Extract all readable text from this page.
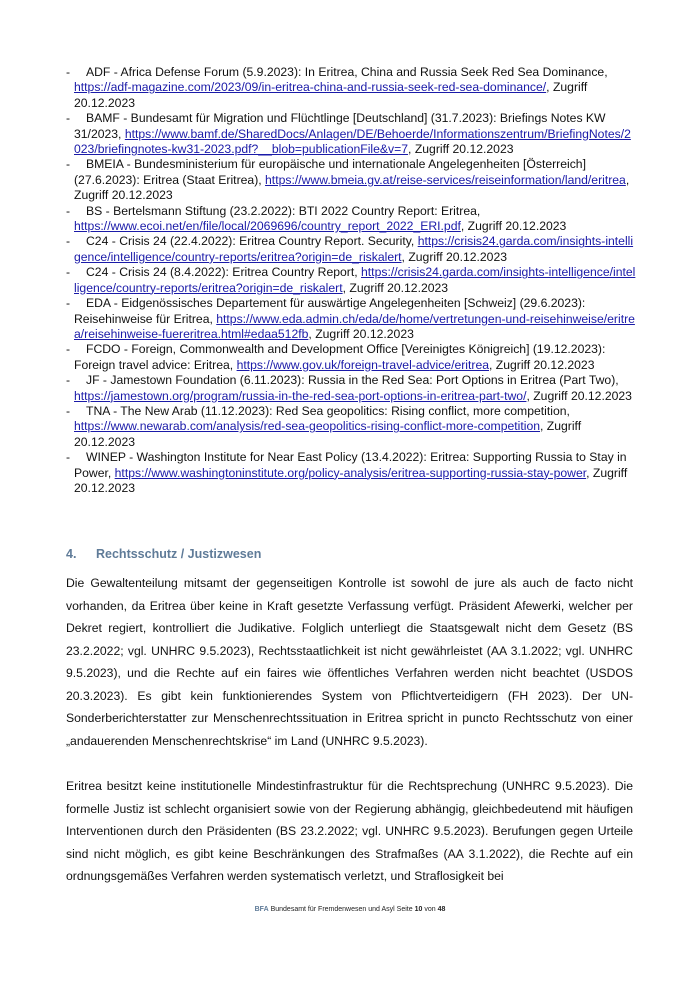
- ADF - Africa Defense Forum (5.9.2023): In Eritrea, China and Russia Seek Red Sea Dominance, https://adf-magazine.com/2023/09/in-eritrea-china-and-russia-seek-red-sea-dominance/, Zugriff 20.12.2023

- BAMF - Bundesamt für Migration und Flüchtlinge [Deutschland] (31.7.2023): Briefings Notes KW 31/2023, https://www.bamf.de/SharedDocs/Anlagen/DE/Behoerde/Informationszentrum/BriefingNotes/2023/briefingnotes-kw31-2023.pdf?__blob=publicationFile&v=7, Zugriff 20.12.2023

- BMEIA - Bundesministerium für europäische und internationale Angelegenheiten [Österreich] (27.6.2023): Eritrea (Staat Eritrea), https://www.bmeia.gv.at/reise-services/reiseinformation/land/eritrea, Zugriff 20.12.2023

- BS - Bertelsmann Stiftung (23.2.2022): BTI 2022 Country Report: Eritrea, https://www.ecoi.net/en/file/local/2069696/country_report_2022_ERI.pdf, Zugriff 20.12.2023

- C24 - Crisis 24 (22.4.2022): Eritrea Country Report. Security, https://crisis24.garda.com/insights-intelligence/intelligence/country-reports/eritrea?origin=de_riskalert, Zugriff 20.12.2023

- C24 - Crisis 24 (8.4.2022): Eritrea Country Report, https://crisis24.garda.com/insights-intelligence/intelligence/country-reports/eritrea?origin=de_riskalert, Zugriff 20.12.2023

- EDA - Eidgenössisches Departement für auswärtige Angelegenheiten [Schweiz] (29.6.2023): Reisehinweise für Eritrea, https://www.eda.admin.ch/eda/de/home/vertretungen-und-reisehinweise/eritrea/reisehinweise-fuereritrea.html#edaa512fb, Zugriff 20.12.2023

- FCDO - Foreign, Commonwealth and Development Office [Vereinigtes Königreich] (19.12.2023): Foreign travel advice: Eritrea, https://www.gov.uk/foreign-travel-advice/eritrea, Zugriff 20.12.2023

- JF - Jamestown Foundation (6.11.2023): Russia in the Red Sea: Port Options in Eritrea (Part Two), https://jamestown.org/program/russia-in-the-red-sea-port-options-in-eritrea-part-two/, Zugriff 20.12.2023

- TNA - The New Arab (11.12.2023): Red Sea geopolitics: Rising conflict, more competition, https://www.newarab.com/analysis/red-sea-geopolitics-rising-conflict-more-competition, Zugriff 20.12.2023

- WINEP - Washington Institute for Near East Policy (13.4.2022): Eritrea: Supporting Russia to Stay in Power, https://www.washingtoninstitute.org/policy-analysis/eritrea-supporting-russia-stay-power, Zugriff 20.12.2023

4. Rechtsschutz / Justizwesen

Die Gewaltenteilung mitsamt der gegenseitigen Kontrolle ist sowohl de jure als auch de facto nicht vorhanden, da Eritrea über keine in Kraft gesetzte Verfassung verfügt. Präsident Afewerki, welcher per Dekret regiert, kontrolliert die Judikative. Folglich unterliegt die Staatsgewalt nicht dem Gesetz (BS 23.2.2022; vgl. UNHRC 9.5.2023), Rechtsstaatlichkeit ist nicht gewährleistet (AA 3.1.2022; vgl. UNHRC 9.5.2023), und die Rechte auf ein faires wie öffentliches Verfahren werden nicht beachtet (USDOS 20.3.2023). Es gibt kein funktionierendes System von Pflichtverteidigern (FH 2023). Der UN-Sonderberichterstatter zur Menschenrechtssituation in Eritrea spricht in puncto Rechtsschutz von einer „andauerenden Menschenrechtskrise“ im Land (UNHRC 9.5.2023).

Eritrea besitzt keine institutionelle Mindestinfrastruktur für die Rechtsprechung (UNHRC 9.5.2023). Die formelle Justiz ist schlecht organisiert sowie von der Regierung abhängig, gleichbedeutend mit häufigen Interventionen durch den Präsidenten (BS 23.2.2022; vgl. UNHRC 9.5.2023). Berufungen gegen Urteile sind nicht möglich, es gibt keine Beschränkungen des Strafmaßes (AA 3.1.2022), die Rechte auf ein ordnungsgemäßes Verfahren werden systematisch verletzt, und Straflosigkeit bei

BFA Bundesamt für Fremdenwesen und Asyl Seite 10 von 48
